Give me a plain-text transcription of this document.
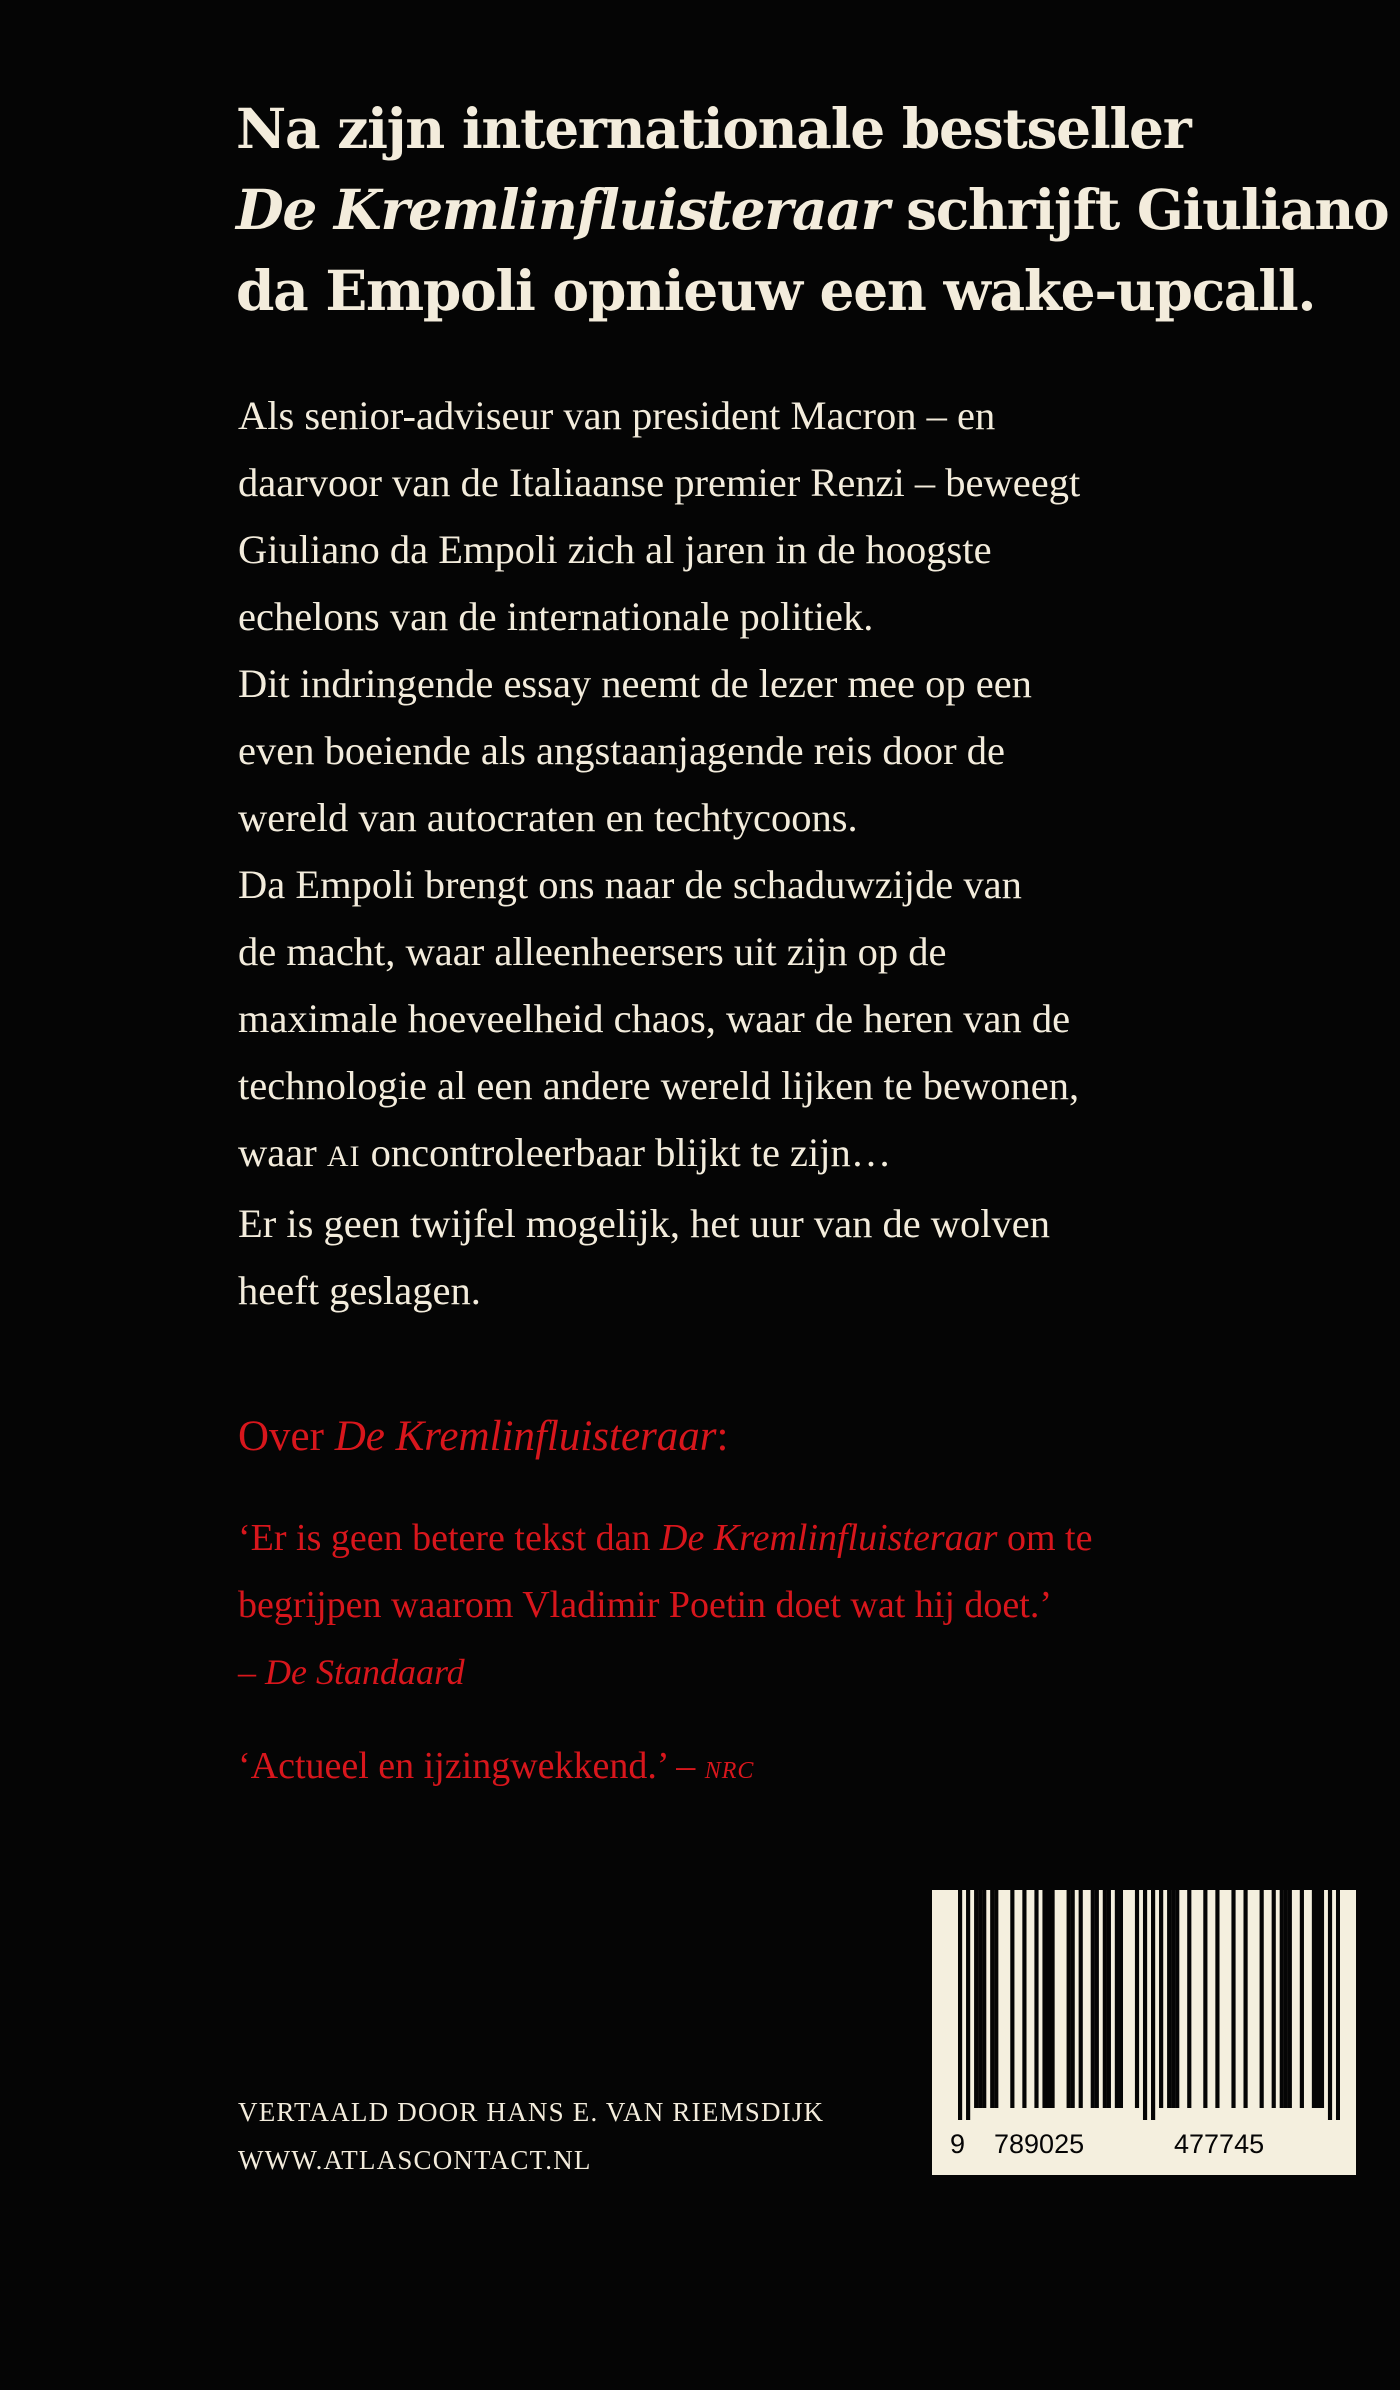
Na zijn internationale bestseller
De Kremlinfluisteraar schrijft Giuliano
da Empoli opnieuw een wake-upcall.
Als senior-adviseur van president Macron – en
daarvoor van de Italiaanse premier Renzi – beweegt
Giuliano da Empoli zich al jaren in de hoogste
echelons van de internationale politiek.
Dit indringende essay neemt de lezer mee op een
even boeiende als angstaanjagende reis door de
wereld van autocraten en techtycoons.
Da Empoli brengt ons naar de schaduwzijde van
de macht, waar alleenheersers uit zijn op de
maximale hoeveelheid chaos, waar de heren van de
technologie al een andere wereld lijken te bewonen,
waar AI oncontroleerbaar blijkt te zijn…
Er is geen twijfel mogelijk, het uur van de wolven
heeft geslagen.
Over De Kremlinfluisteraar:
‘Er is geen betere tekst dan De Kremlinfluisteraar om te
begrijpen waarom Vladimir Poetin doet wat hij doet.’
– De Standaard
‘Actueel en ijzingwekkend.’ – NRC
VERTAALD DOOR HANS E. VAN RIEMSDIJK
WWW.ATLASCONTACT.NL
9 789025	477745
